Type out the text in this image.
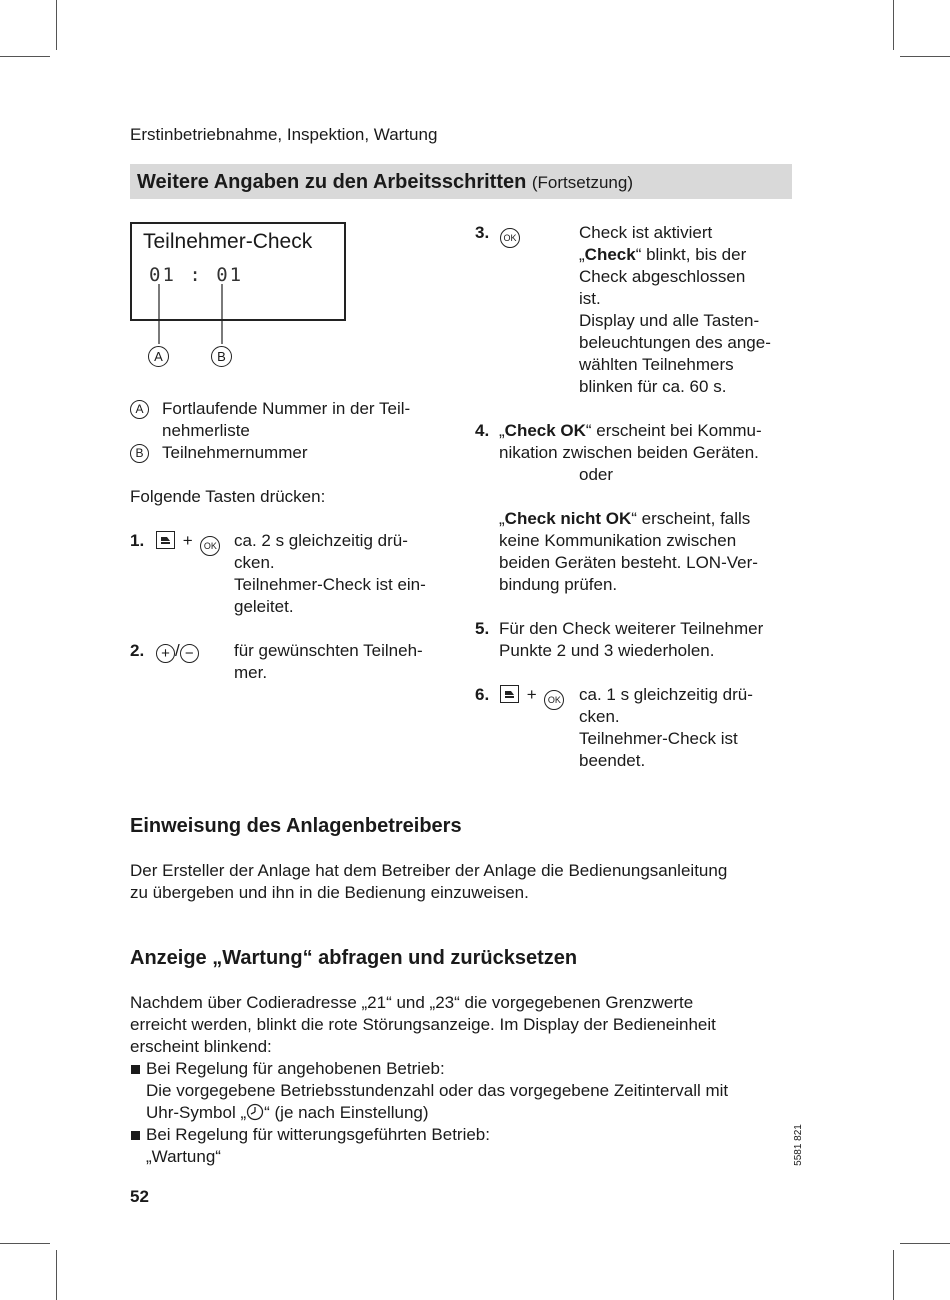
Erstinbetriebnahme, Inspektion, Wartung
Weitere Angaben zu den Arbeitsschritten (Fortsetzung)
Teilnehmer-Check
01 : 01
A	B
A	Fortlaufende Nummer in der Teil-
nehmerliste
B	Teilnehmernummer
Folgende Tasten drücken:
1.	+ OK ca. 2 s gleichzeitig drü-
cken.
Teilnehmer-Check ist ein-
geleitet.
2.	+ / −	für gewünschten Teilneh-
mer.
3.	OK	Check ist aktiviert
„Check“ blinkt, bis der
Check abgeschlossen
ist.
Display und alle Tasten-
beleuchtungen des ange-
wählten Teilnehmers
blinken für ca. 60 s.
4. „Check OK“ erscheint bei Kommu-
nikation zwischen beiden Geräten.
oder
„Check nicht OK“ erscheint, falls
keine Kommunikation zwischen
beiden Geräten besteht. LON-Ver-
bindung prüfen.
5. Für den Check weiterer Teilnehmer
Punkte 2 und 3 wiederholen.
6.	+ OK ca. 1 s gleichzeitig drü-
cken.
Teilnehmer-Check ist
beendet.
Einweisung des Anlagenbetreibers
Der Ersteller der Anlage hat dem Betreiber der Anlage die Bedienungsanleitung
zu übergeben und ihn in die Bedienung einzuweisen.
Anzeige „Wartung“ abfragen und zurücksetzen
Nachdem über Codieradresse „21“ und „23“ die vorgegebenen Grenzwerte
erreicht werden, blinkt die rote Störungsanzeige. Im Display der Bedieneinheit
erscheint blinkend:
Bei Regelung für angehobenen Betrieb:
Die vorgegebene Betriebsstundenzahl oder das vorgegebene Zeitintervall mit
Uhr-Symbol „ “ (je nach Einstellung)
Bei Regelung für witterungsgeführten Betrieb:
„Wartung“	5581 821
52
